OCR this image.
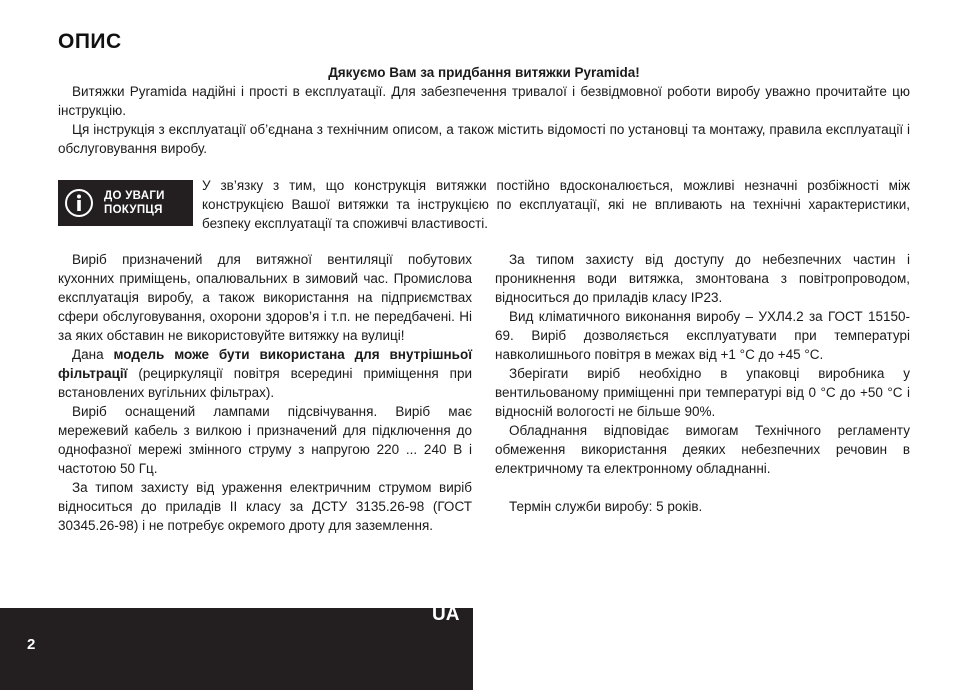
ОПИС
Дякуємо Вам за придбання витяжки Pyramida!

Витяжки Pyramida надійні і прості в експлуатації. Для забезпечення тривалої і безвідмовної роботи виробу уважно прочитайте цю інструкцію.

Ця інструкція з експлуатації об’єднана з технічним описом, а також містить відомості по установці та монтажу, правила експлуатації і обслуговування виробу.

ДО УВАГИ
ПОКУПЦЯ
У зв’язку з тим, що конструкція витяжки постійно вдосконалюється, можливі незначні розбіжності між конструкцією Вашої витяжки та інструкцією по експлуатації, які не впливають на технічні характеристики, безпеку експлуатації та споживчі властивості.

Виріб призначений для витяжної вентиляції побутових кухонних приміщень, опалювальних в зимовий час. Промислова експлуатація виробу, а також використання на підприємствах сфери обслуговування, охорони здоров’я і т.п. не передбачені. Ні за яких обставин не використовуйте витяжку на вулиці!

Дана модель може бути використана для внутрішньої фільтрації (рециркуляції повітря всередині приміщення при встановлених вугільних фільтрах).

Виріб оснащений лампами підсвічування. Виріб має мережевий кабель з вилкою і призначений для підключення до однофазної мережі змінного струму з напругою 220 ... 240 В і частотою 50 Гц.

За типом захисту від ураження електричним струмом виріб відноситься до приладів II класу за ДСТУ 3135.26-98 (ГОСТ 30345.26-98) і не потребує окремого дроту для заземлення.

За типом захисту від доступу до небезпечних частин і проникнення води витяжка, змонтована з повітропроводом, відноситься до приладів класу IP23.

Вид кліматичного виконання виробу – УХЛ4.2 за ГОСТ 15150-69. Виріб дозволяється експлуатувати при температурі навколишнього повітря в межах від +1 °С до +45 °С.

Зберігати виріб необхідно в упаковці виробника у вентильованому приміщенні при температурі від 0 °С до +50 °С і відносній вологості не більше 90%.

Обладнання відповідає вимогам Технічного регламенту обмеження використання деяких небезпечних речовин в електричному та електронному обладнанні.

Термін служби виробу: 5 років.

UA
2
